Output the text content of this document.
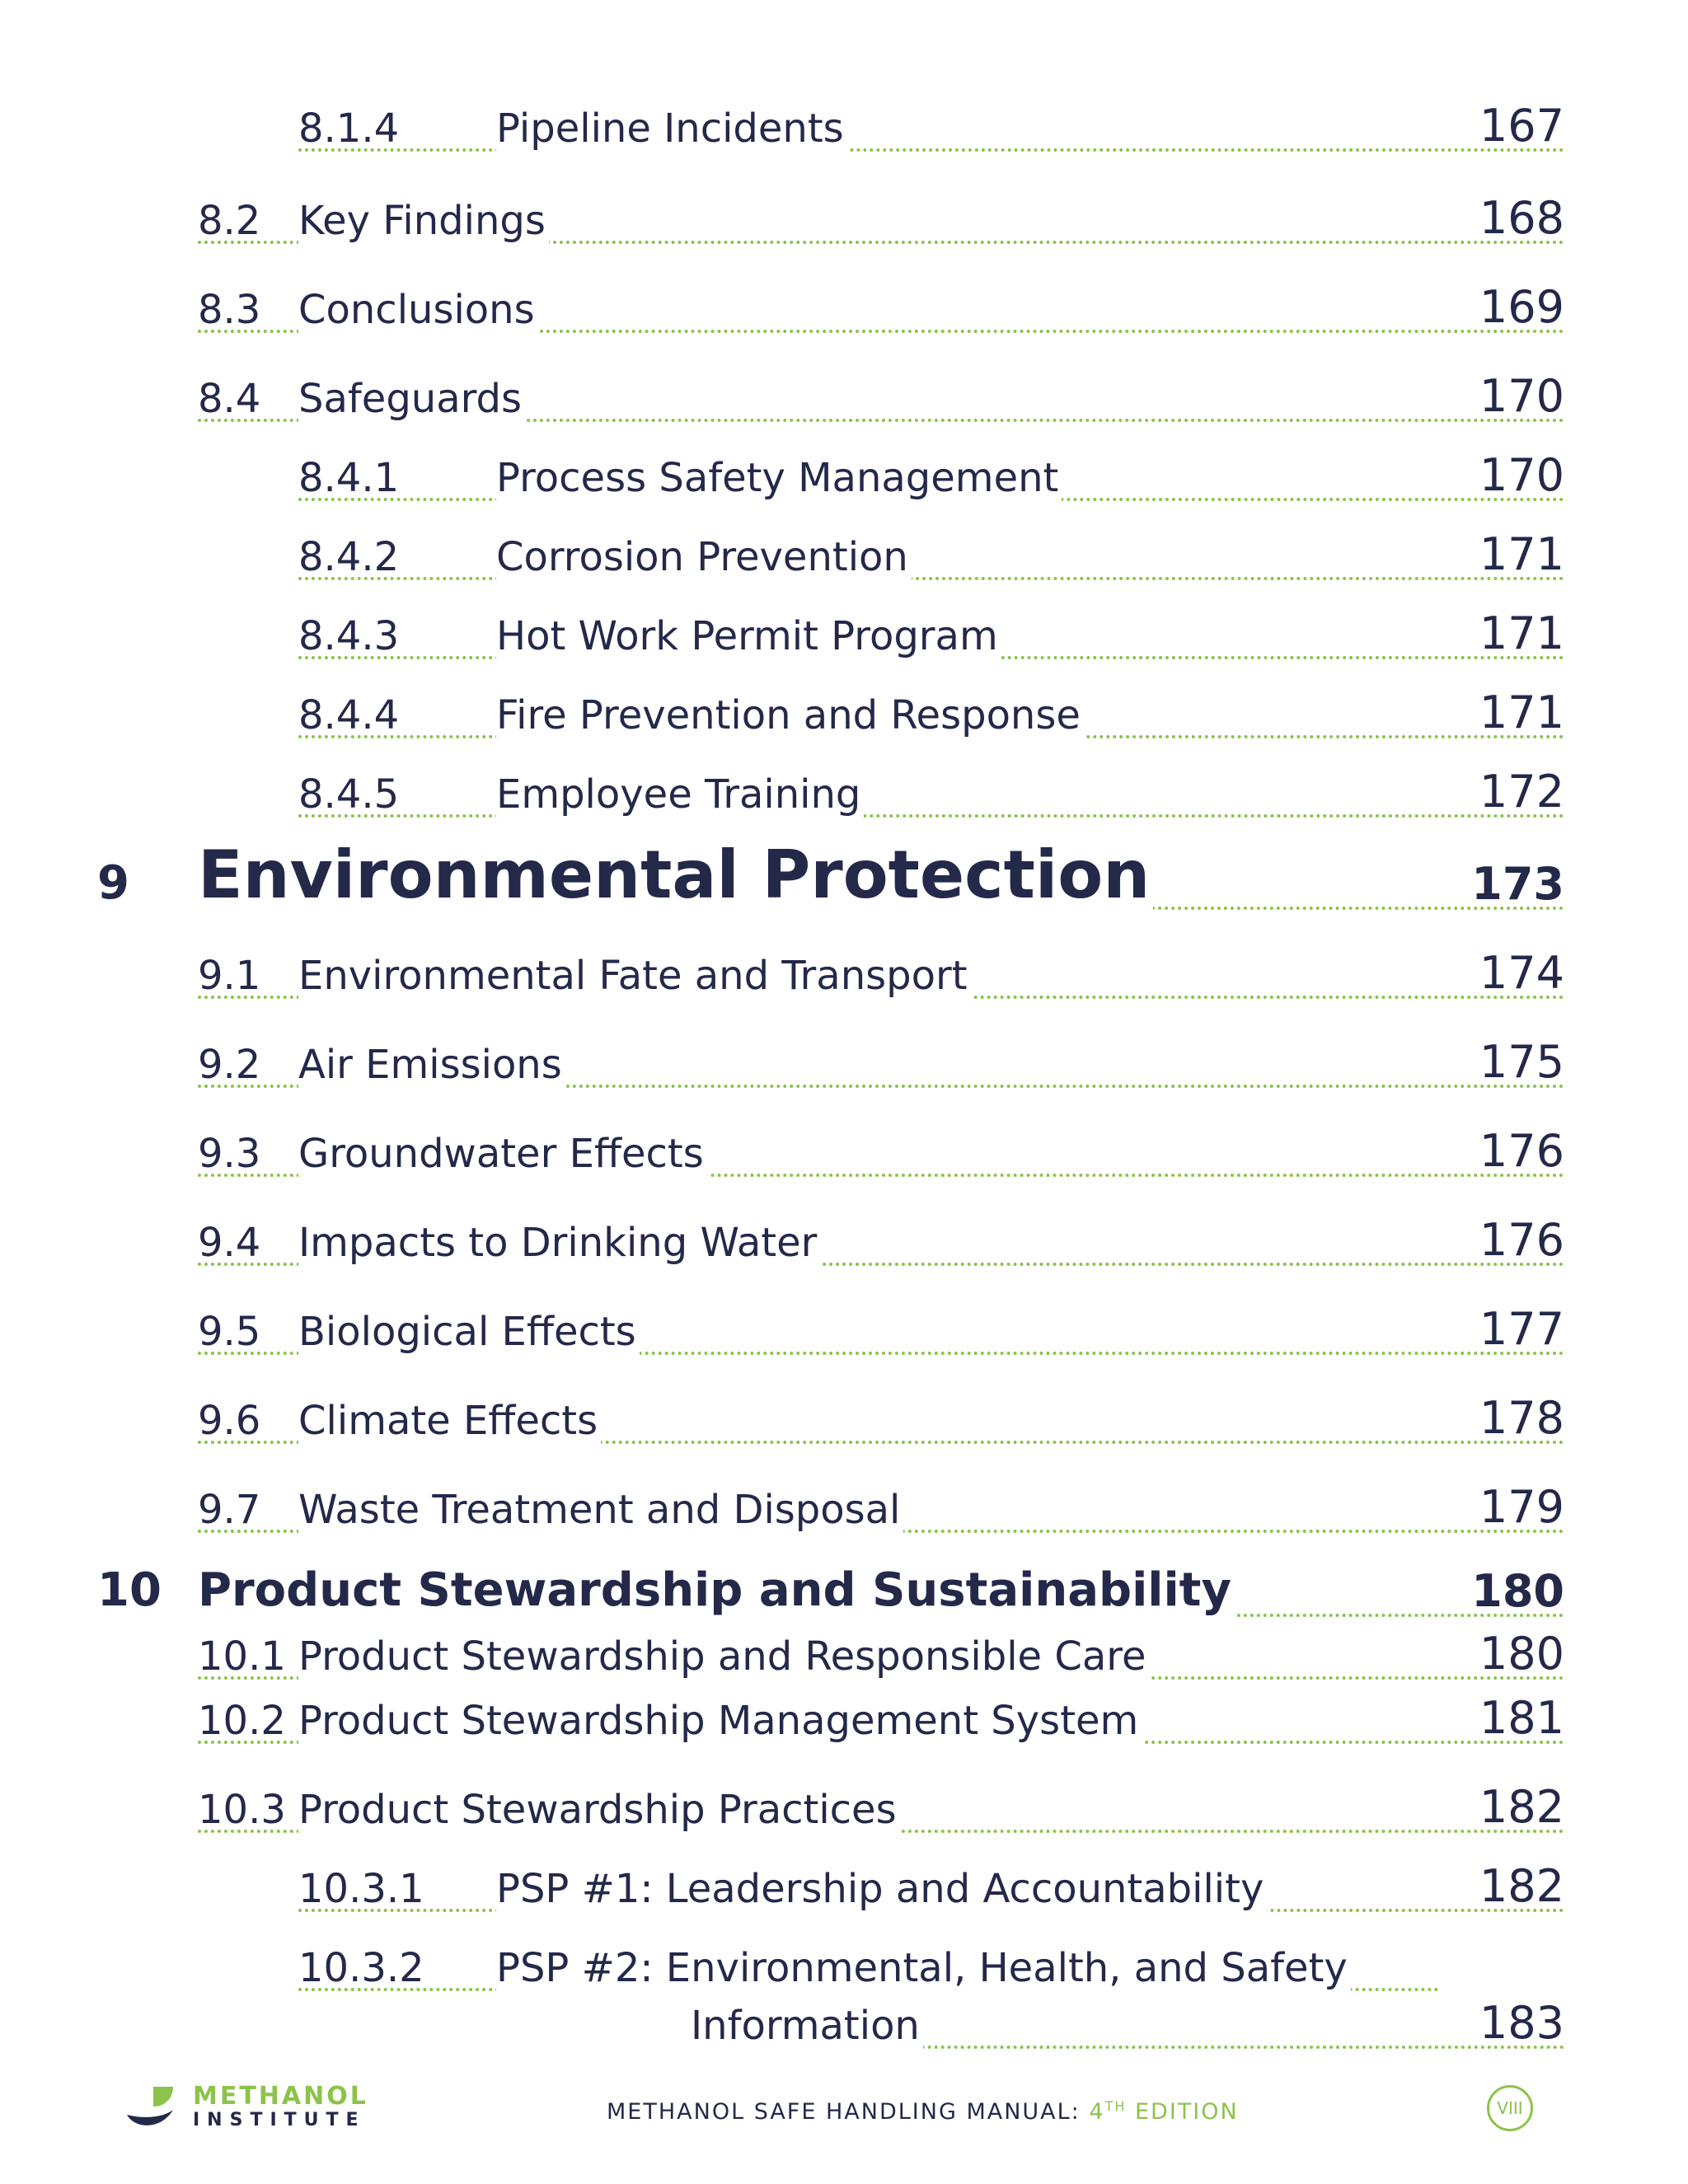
8.1.4 Pipeline Incidents	167
8.2 Key Findings	168
8.3 Conclusions	169
8.4 Safeguards	170
8.4.1 Process Safety Management	170
8.4.2 Corrosion Prevention	171
8.4.3 Hot Work Permit Program	171
8.4.4 Fire Prevention and Response	171
8.4.5 Employee Training	172
9 Environmental Protection	173
9.1 Environmental Fate and Transport	174
9.2 Air Emissions	175
9.3 Groundwater Effects	176
9.4 Impacts to Drinking Water	176
9.5 Biological Effects	177
9.6 Climate Effects	178
9.7 Waste Treatment and Disposal	179
10 Product Stewardship and Sustainability	180
10.1 Product Stewardship and Responsible Care	180
10.2 Product Stewardship Management System	181
10.3 Product Stewardship Practices	182
10.3.1 PSP #1: Leadership and Accountability	182
10.3.2 PSP #2: Environmental, Health, and Safety
Information	183
METHANOL
INSTITUTE	METHANOL SAFE HANDLING MANUAL: 4TH EDITION	VIII
